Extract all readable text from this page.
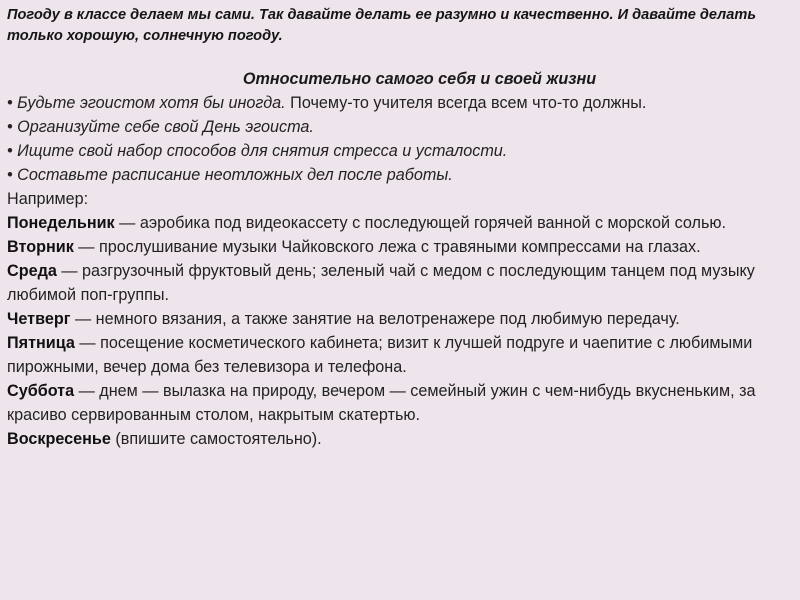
Погоду в классе делаем мы сами. Так давайте делать ее разумно и качественно. И давайте делать только хорошую, солнечную погоду.

Относительно самого себя и своей жизни

• Будьте эгоистом хотя бы иногда. Почему-то учителя всегда всем что-то должны.

• Организуйте себе свой День эгоиста.

• Ищите свой набор способов для снятия стресса и усталости.

• Составьте расписание неотложных дел после работы.

Например:

Понедельник — аэробика под видеокассету с последующей горячей ванной с морской солью.

Вторник — прослушивание музыки Чайковского лежа с травяными компрессами на глазах.

Среда — разгрузочный фруктовый день; зеленый чай с медом с последующим танцем под музыку любимой поп-группы.

Четверг — немного вязания, а также занятие на велотренажере под любимую передачу.

Пятница — посещение косметического кабинета; визит к лучшей подруге и чаепитие с любимыми пирожными, вечер дома без телевизора и телефона.

Суббота — днем — вылазка на природу, вечером — семейный ужин с чем-нибудь вкусненьким, за красиво сервированным столом, накрытым скатертью.

Воскресенье (впишите самостоятельно).
